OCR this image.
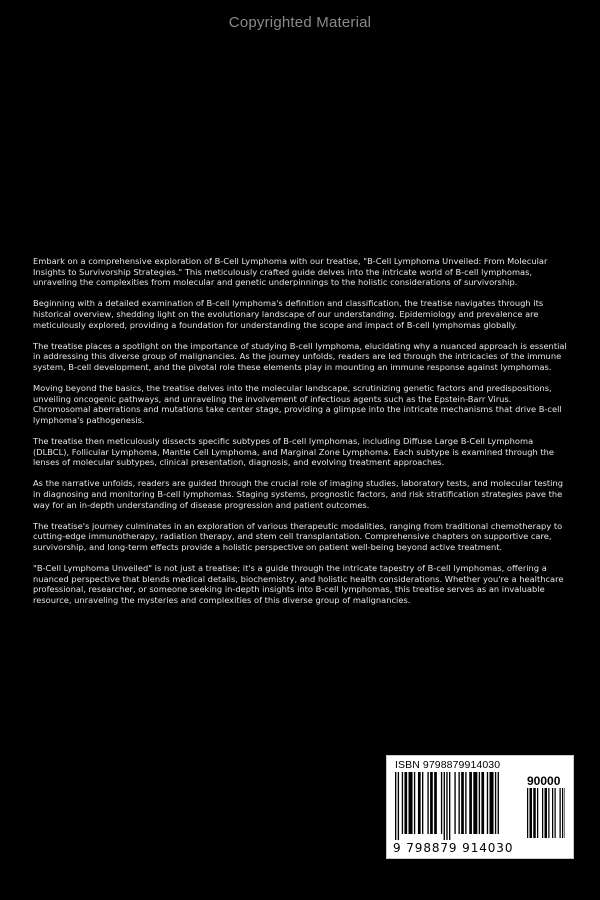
Copyrighted Material

Embark on a comprehensive exploration of B-Cell Lymphoma with our treatise, "B-Cell Lymphoma Unveiled: From Molecular Insights to Survivorship Strategies." This meticulously crafted guide delves into the intricate world of B-cell lymphomas, unraveling the complexities from molecular and genetic underpinnings to the holistic considerations of survivorship.

Beginning with a detailed examination of B-cell lymphoma's definition and classification, the treatise navigates through its historical overview, shedding light on the evolutionary landscape of our understanding. Epidemiology and prevalence are meticulously explored, providing a foundation for understanding the scope and impact of B-cell lymphomas globally.

The treatise places a spotlight on the importance of studying B-cell lymphoma, elucidating why a nuanced approach is essential in addressing this diverse group of malignancies. As the journey unfolds, readers are led through the intricacies of the immune system, B-cell development, and the pivotal role these elements play in mounting an immune response against lymphomas.

Moving beyond the basics, the treatise delves into the molecular landscape, scrutinizing genetic factors and predispositions, unveiling oncogenic pathways, and unraveling the involvement of infectious agents such as the Epstein-Barr Virus. Chromosomal aberrations and mutations take center stage, providing a glimpse into the intricate mechanisms that drive B-cell lymphoma's pathogenesis.

The treatise then meticulously dissects specific subtypes of B-cell lymphomas, including Diffuse Large B-Cell Lymphoma (DLBCL), Follicular Lymphoma, Mantle Cell Lymphoma, and Marginal Zone Lymphoma. Each subtype is examined through the lenses of molecular subtypes, clinical presentation, diagnosis, and evolving treatment approaches.

As the narrative unfolds, readers are guided through the crucial role of imaging studies, laboratory tests, and molecular testing in diagnosing and monitoring B-cell lymphomas. Staging systems, prognostic factors, and risk stratification strategies pave the way for an in-depth understanding of disease progression and patient outcomes.

The treatise's journey culminates in an exploration of various therapeutic modalities, ranging from traditional chemotherapy to cutting-edge immunotherapy, radiation therapy, and stem cell transplantation. Comprehensive chapters on supportive care, survivorship, and long-term effects provide a holistic perspective on patient well-being beyond active treatment.

"B-Cell Lymphoma Unveiled" is not just a treatise; it's a guide through the intricate tapestry of B-cell lymphomas, offering a nuanced perspective that blends medical details, biochemistry, and holistic health considerations. Whether you're a healthcare professional, researcher, or someone seeking in-depth insights into B-cell lymphomas, this treatise serves as an invaluable resource, unraveling the mysteries and complexities of this diverse group of malignancies.

ISBN 9798879914030
90000
9 798879 914030
